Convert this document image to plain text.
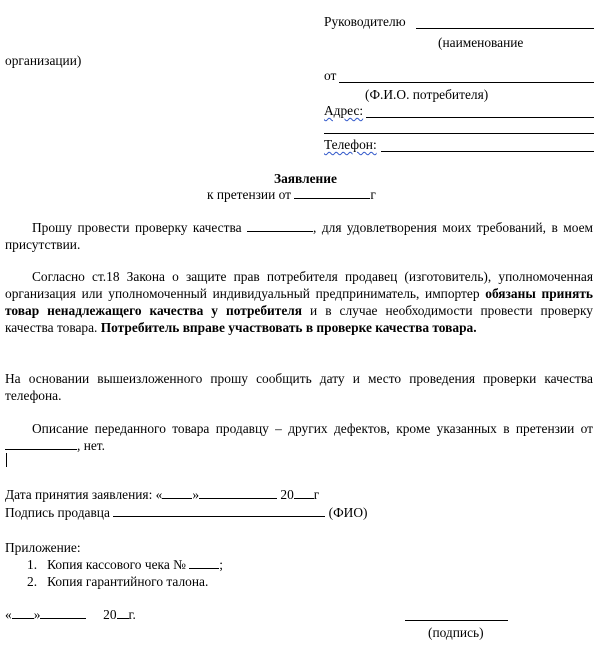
Руководителю
(наименование
организации)
от
(Ф.И.О. потребителя)
Адрес:
Телефон:
Заявление
к претензии от	г
Прошу провести проверку качества	, для удовлетворения моих требований, в моем присутствии.
Согласно ст.18 Закона о защите прав потребителя продавец (изготовитель), уполномоченная организация или уполномоченный индивидуальный предприниматель, импортер обязаны принять товар ненадлежащего качества у потребителя и в случае необходимости провести проверку качества товара. Потребитель вправе участвовать в проверке качества товара.
На основании вышеизложенного прошу сообщить дату и место проведения проверки качества телефона.
Описание переданного товара продавцу – других дефектов, кроме указанных в претензии от , нет.
Дата принятия заявления: « »	20 г
Подпись продавца	(ФИО)
Приложение:
1. Копия кассового чека № ;
2. Копия гарантийного талона.
« »	20 г.
(подпись)
